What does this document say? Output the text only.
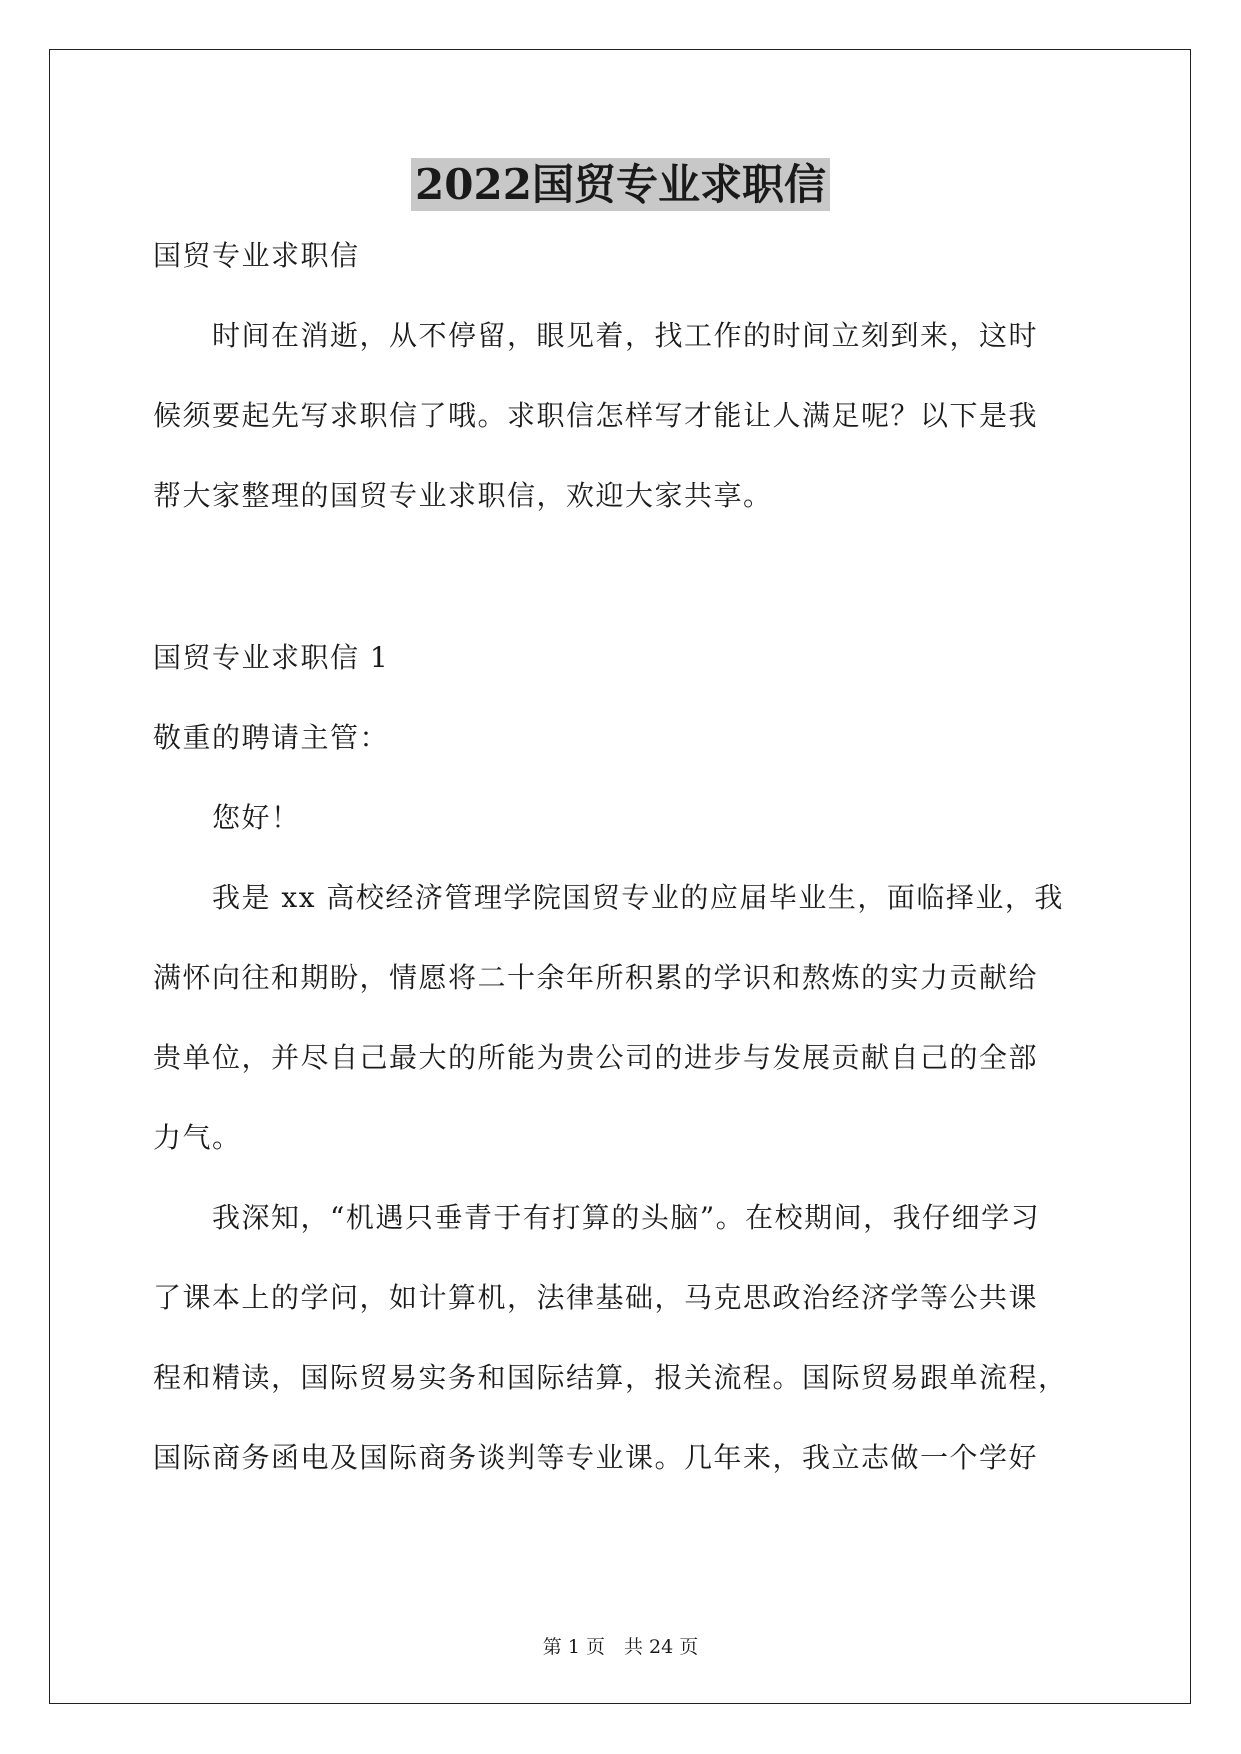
2022国贸专业求职信
国贸专业求职信
　　时间在消逝，从不停留，眼见着，找工作的时间立刻到来，这时
候须要起先写求职信了哦。求职信怎样写才能让人满足呢？以下是我
帮大家整理的国贸专业求职信，欢迎大家共享。
国贸专业求职信 1
敬重的聘请主管：
　　您好！
　　我是 xx 高校经济管理学院国贸专业的应届毕业生，面临择业，我
满怀向往和期盼，情愿将二十余年所积累的学识和熬炼的实力贡献给
贵单位，并尽自己最大的所能为贵公司的进步与发展贡献自己的全部
力气。
　　我深知，“机遇只垂青于有打算的头脑”。在校期间，我仔细学习
了课本上的学问，如计算机，法律基础，马克思政治经济学等公共课
程和精读，国际贸易实务和国际结算，报关流程。国际贸易跟单流程，
国际商务函电及国际商务谈判等专业课。几年来，我立志做一个学好
第 1 页　共 24 页
